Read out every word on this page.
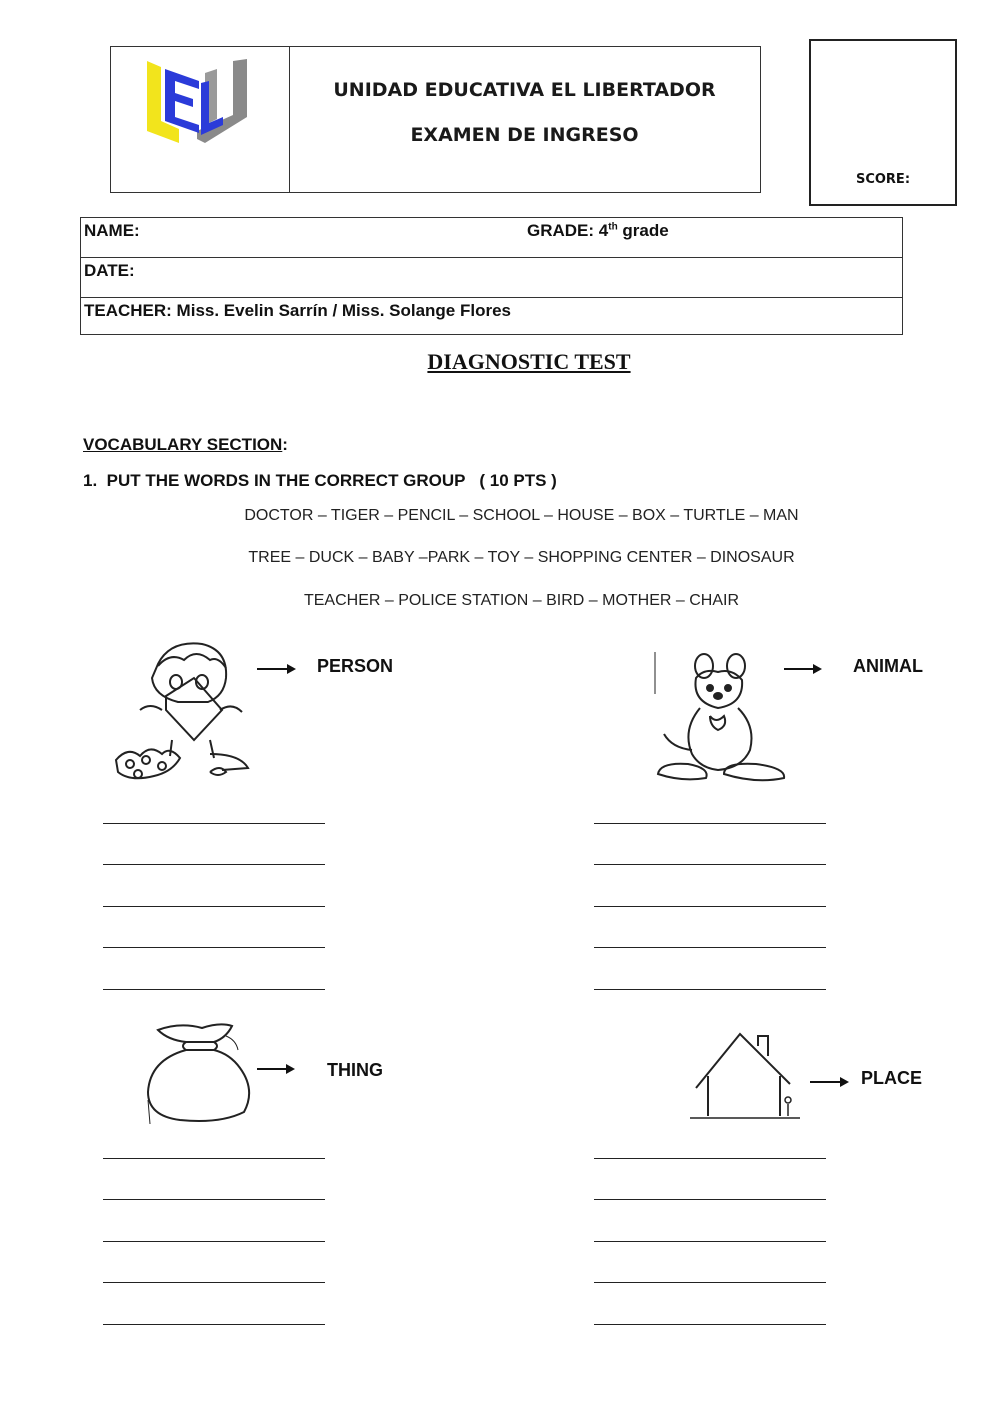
UNIDAD EDUCATIVA EL LIBERTADOR
EXAMEN DE INGRESO
SCORE:
NAME:	GRADE: 4th grade
DATE:
TEACHER: Miss. Evelin Sarrín / Miss. Solange Flores
DIAGNOSTIC TEST
VOCABULARY SECTION:
1.  PUT THE WORDS IN THE CORRECT GROUP   ( 10 PTS )
DOCTOR – TIGER – PENCIL – SCHOOL – HOUSE – BOX – TURTLE – MAN
TREE – DUCK – BABY –PARK – TOY – SHOPPING CENTER – DINOSAUR
TEACHER – POLICE STATION – BIRD – MOTHER – CHAIR
PERSON	ANIMAL
THING	PLACE
